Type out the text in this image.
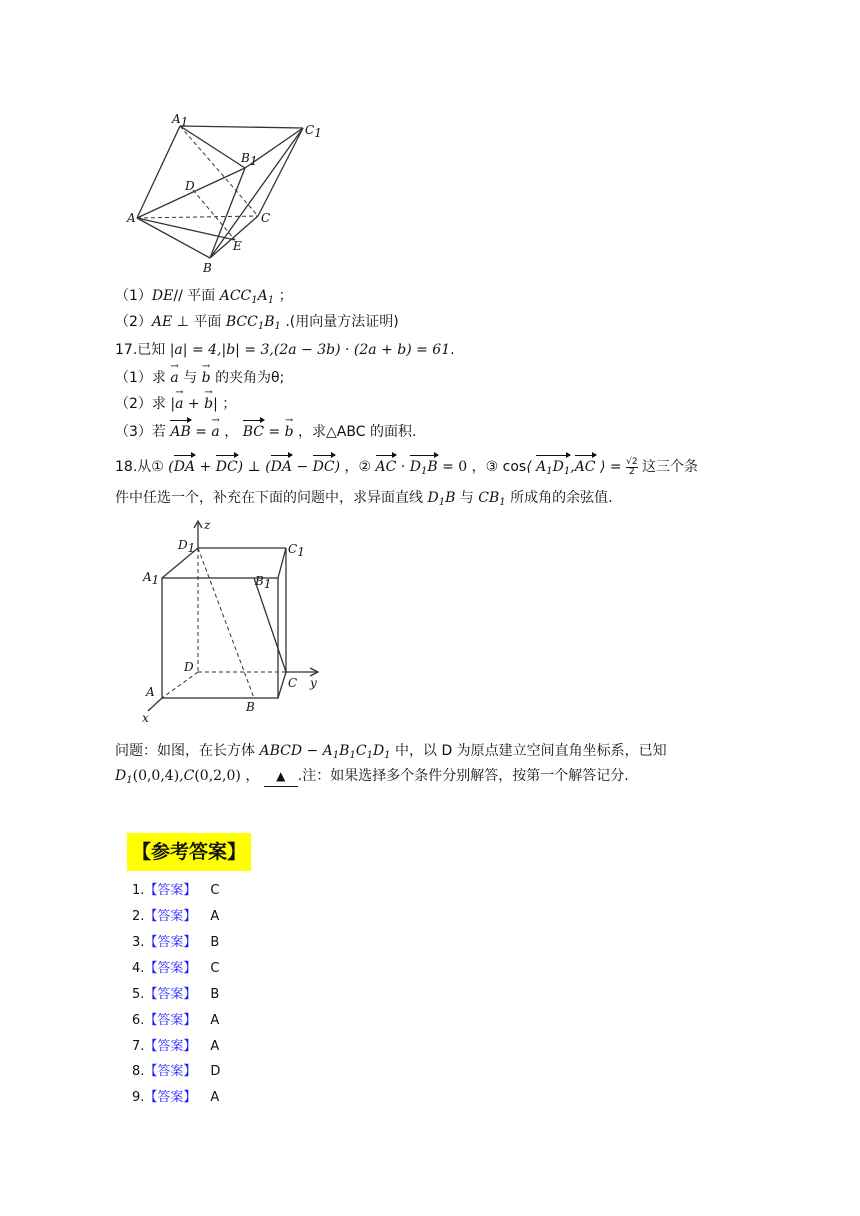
A1
C1
B1
D
A	C
E
B
（1）DE// 平面 $ACC_1A_1$ ；
（2）AE ⊥ 平面 $BCC_1B_1$ .(用向量方法证明)
17.已知 |a| = 4,|b| = 3,(2a − 3b) · (2a + b) = 61.
（1）求 → a 与 → b 的夹角为θ;
（2）求 |→ a + → b| ；
（3）若 AB = → a ， BC = → b ，求△ABC 的面积.
18.从① (DA + DC) ⊥ (DA − DC) ，② AC · $D_1B = 0$ ，③ cos⟨ $A_1D_1,AC$ ⟩ = $\frac{√2}{2}$ 这三个条
件中任选一个，补充在下面的问题中，求异面直线 $D_1B$ 与 $CB_1$ 所成角的余弦值.
z
D1	C1
A1	B1
D
y
C
A
B
x
问题：如图，在长方体 ABCD − $A_1B_1C_1D_1$ 中，以 D 为原点建立空间直角坐标系，已知
$D_1(0,0,4),C(0,2,0)$ ， ▲ .注：如果选择多个条件分别解答，按第一个解答记分.
【参考答案】
1.【答案】 C
2.【答案】 A
3.【答案】 B
4.【答案】 C
5.【答案】 B
6.【答案】 A
7.【答案】 A
8.【答案】 D
9.【答案】 A
